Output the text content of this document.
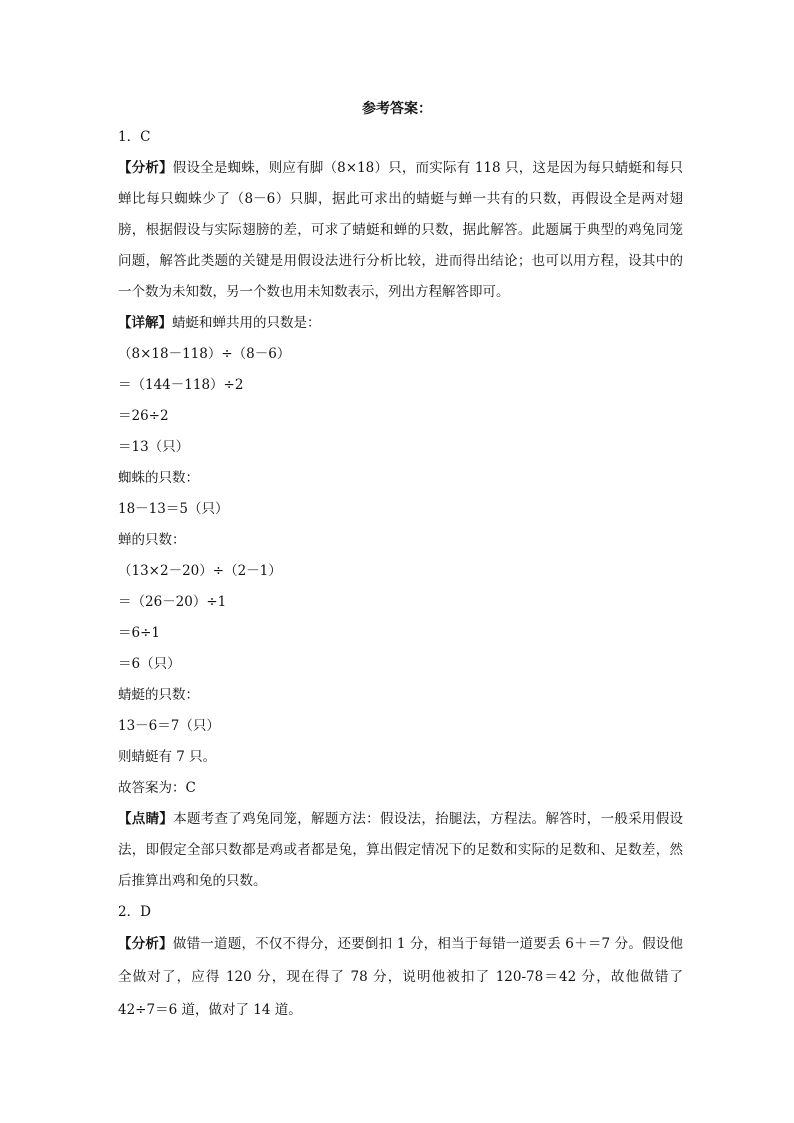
参考答案：
1．C
【分析】假设全是蜘蛛，则应有脚（8×18）只，而实际有 118 只，这是因为每只蜻蜓和每只蝉比每只蜘蛛少了（8－6）只脚，据此可求出的蜻蜓与蝉一共有的只数，再假设全是两对翅膀，根据假设与实际翅膀的差，可求了蜻蜓和蝉的只数，据此解答。此题属于典型的鸡兔同笼问题，解答此类题的关键是用假设法进行分析比较，进而得出结论；也可以用方程，设其中的一个数为未知数，另一个数也用未知数表示，列出方程解答即可。
【详解】蜻蜓和蝉共用的只数是：
（8×18－118）÷（8－6）
＝（144－118）÷2
＝26÷2
＝13（只）
蜘蛛的只数：
18－13＝5（只）
蝉的只数：
（13×2－20）÷（2－1）
＝（26－20）÷1
＝6÷1
＝6（只）
蜻蜓的只数：
13－6＝7（只）
则蜻蜓有 7 只。
故答案为：C
【点睛】本题考查了鸡兔同笼，解题方法：假设法，抬腿法，方程法。解答时，一般采用假设法，即假定全部只数都是鸡或者都是兔，算出假定情况下的足数和实际的足数和、足数差，然后推算出鸡和兔的只数。
2．D
【分析】做错一道题，不仅不得分，还要倒扣 1 分，相当于每错一道要丢 6＋＝7 分。假设他全做对了，应得 120 分，现在得了 78 分，说明他被扣了 120-78＝42 分，故他做错了 42÷7＝6 道，做对了 14 道。
